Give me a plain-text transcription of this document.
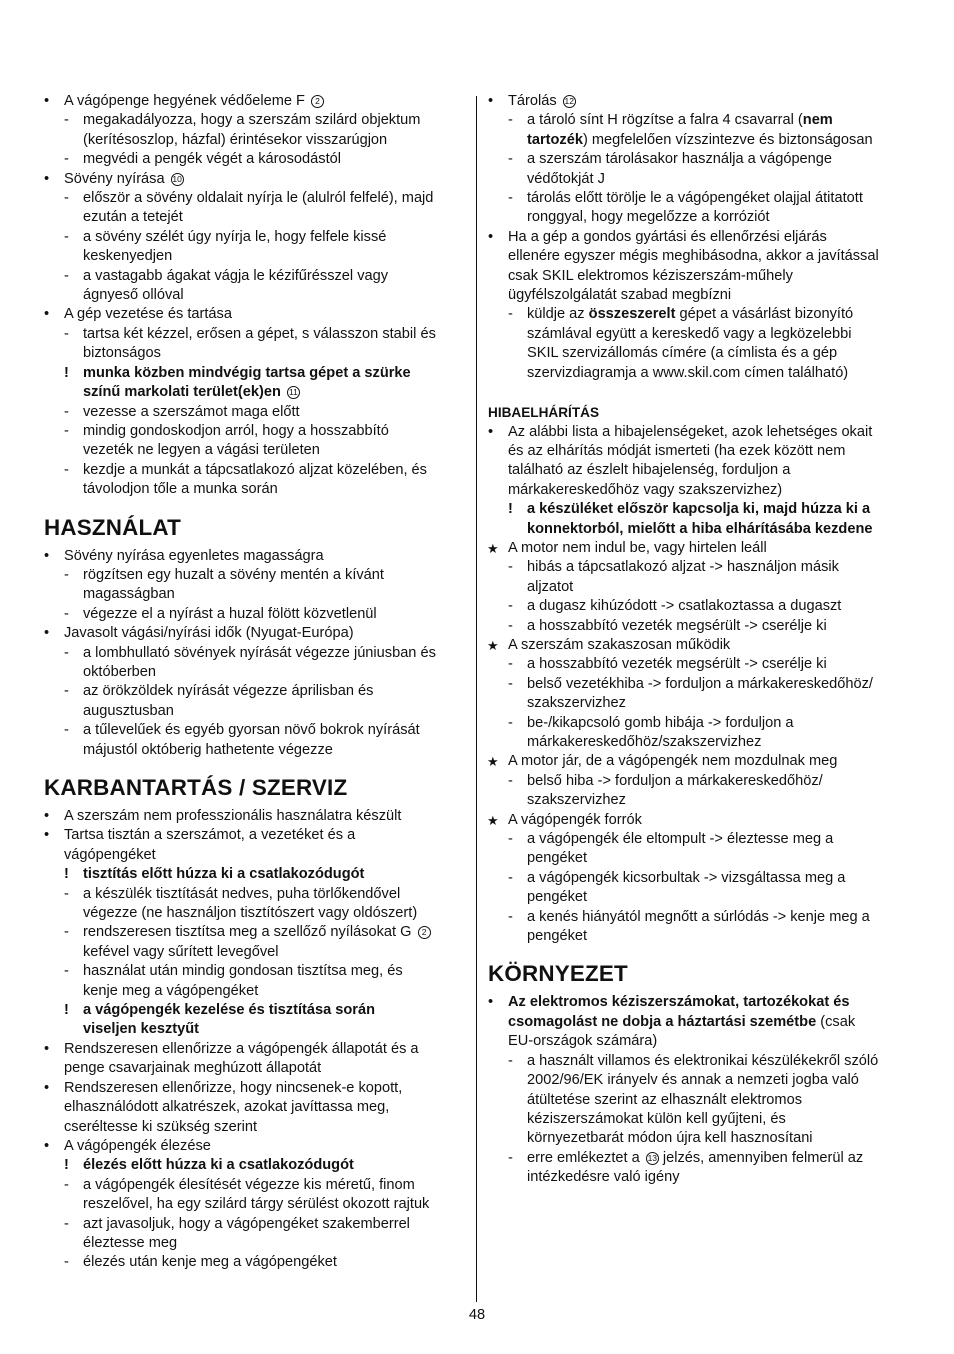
•	A vágópenge hegyének védőeleme F 2
- megakadályozza, hogy a szerszám szilárd objektum
(kerítésoszlop, házfal) érintésekor visszarúgjon
- megvédi a pengék végét a károsodástól
•	Sövény nyírása 10
- először a sövény oldalait nyírja le (alulról felfelé), majd
ezután a tetejét
- a sövény szélét úgy nyírja le, hogy felfele kissé
keskenyedjen
- a vastagabb ágakat vágja le kézifűrésszel vagy
ágnyeső ollóval
•	A gép vezetése és tartása
- tartsa két kézzel, erősen a gépet, s válasszon stabil és
biztonságos
! munka közben mindvégig tartsa gépet a szürke
színű markolati terület(ek)en 11
- vezesse a szerszámot maga előtt
- mindig gondoskodjon arról, hogy a hosszabbító
vezeték ne legyen a vágási területen
- kezdje a munkát a tápcsatlakozó aljzat közelében, és
távolodjon tőle a munka során
HASZNÁLAT
•	Sövény nyírása egyenletes magasságra
- rögzítsen egy huzalt a sövény mentén a kívánt
magasságban
- végezze el a nyírást a huzal fölött közvetlenül
•	Javasolt vágási/nyírási idők (Nyugat-Európa)
- a lombhullató sövények nyírását végezze júniusban és
októberben
- az örökzöldek nyírását végezze áprilisban és
augusztusban
- a tűlevelűek és egyéb gyorsan növő bokrok nyírását
májustól októberig hathetente végezze
KARBANTARTÁS / SZERVIZ
•	A szerszám nem professzionális használatra készült
•	Tartsa tisztán a szerszámot, a vezetéket és a
vágópengéket
! tisztítás előtt húzza ki a csatlakozódugót
- a készülék tisztítását nedves, puha törlőkendővel
végezze (ne használjon tisztítószert vagy oldószert)
- rendszeresen tisztítsa meg a szellőző nyílásokat G 2
kefével vagy sűrített levegővel
- használat után mindig gondosan tisztítsa meg, és
kenje meg a vágópengéket
! a vágópengék kezelése és tisztítása során
viseljen kesztyűt
•	Rendszeresen ellenőrizze a vágópengék állapotát és a
penge csavarjainak meghúzott állapotát
•	Rendszeresen ellenőrizze, hogy nincsenek-e kopott,
elhasználódott alkatrészek, azokat javíttassa meg,
cseréltesse ki szükség szerint
•	A vágópengék élezése
! élezés előtt húzza ki a csatlakozódugót
- a vágópengék élesítését végezze kis méretű, finom
reszelővel, ha egy szilárd tárgy sérülést okozott rajtuk
- azt javasoljuk, hogy a vágópengéket szakemberrel
éleztesse meg
- élezés után kenje meg a vágópengéket
•	Tárolás 12
- a tároló sínt H rögzítse a falra 4 csavarral (nem
tartozék) megfelelően vízszintezve és biztonságosan
- a szerszám tárolásakor használja a vágópenge
védőtokját J
- tárolás előtt törölje le a vágópengéket olajjal átitatott
ronggyal, hogy megelőzze a korróziót
•	Ha a gép a gondos gyártási és ellenőrzési eljárás
ellenére egyszer mégis meghibásodna, akkor a javítással
csak SKIL elektromos kéziszerszám-műhely
ügyfélszolgálatát szabad megbízni
- küldje az összeszerelt gépet a vásárlást bizonyító
számlával együtt a kereskedő vagy a legközelebbi
SKIL szervizállomás címére (a címlista és a gép
szervizdiagramja a www.skil.com címen található)
HIBAELHÁRÍTÁS
•	Az alábbi lista a hibajelenségeket, azok lehetséges okait
és az elhárítás módját ismerteti (ha ezek között nem
található az észlelt hibajelenség, forduljon a
márkakereskedőhöz vagy szakszervizhez)
! a készüléket először kapcsolja ki, majd húzza ki a
konnektorból, mielőtt a hiba elhárításába kezdene
★ A motor nem indul be, vagy hirtelen leáll
- hibás a tápcsatlakozó aljzat -> használjon másik
aljzatot
- a dugasz kihúzódott -> csatlakoztassa a dugaszt
- a hosszabbító vezeték megsérült -> cserélje ki
★ A szerszám szakaszosan működik
- a hosszabbító vezeték megsérült -> cserélje ki
- belső vezetékhiba -> forduljon a márkakereskedőhöz/
szakszervizhez
- be-/kikapcsoló gomb hibája -> forduljon a
márkakereskedőhöz/szakszervizhez
★ A motor jár, de a vágópengék nem mozdulnak meg
- belső hiba -> forduljon a márkakereskedőhöz/
szakszervizhez
★ A vágópengék forrók
- a vágópengék éle eltompult -> éleztesse meg a
pengéket
- a vágópengék kicsorbultak -> vizsgáltassa meg a
pengéket
- a kenés hiányától megnőtt a súrlódás -> kenje meg a
pengéket
KÖRNYEZET
•	Az elektromos kéziszerszámokat, tartozékokat és
csomagolást ne dobja a háztartási szemétbe (csak
EU-országok számára)
- a használt villamos és elektronikai készülékekről szóló
2002/96/EK irányelv és annak a nemzeti jogba való
átültetése szerint az elhasznált elektromos
kéziszerszámokat külön kell gyűjteni, és
környezetbarát módon újra kell hasznosítani
- erre emlékeztet a 13 jelzés, amennyiben felmerül az
intézkedésre való igény
48
